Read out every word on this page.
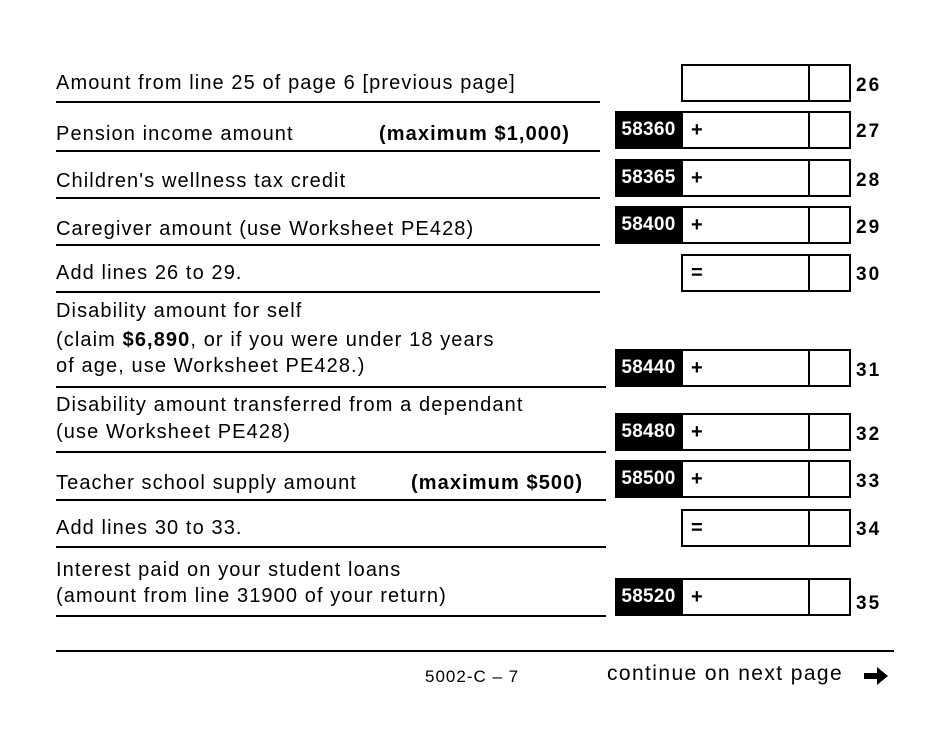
Amount from line 25 of page 6 [previous page]	26
Pension income amount	(maximum $1,000)	58360 +	27
Children's wellness tax credit	58365 +	28
Caregiver amount (use Worksheet PE428)	58400 +	29
Add lines 26 to 29.	=	30
Disability amount for self
(claim $6,890, or if you were under 18 years
of age, use Worksheet PE428.)	58440 +	31
Disability amount transferred from a dependant
(use Worksheet PE428)	58480 +	32
Teacher school supply amount	(maximum $500)	58500 +	33
Add lines 30 to 33.	=	34
Interest paid on your student loans
(amount from line 31900 of your return)	58520 +	35
5002-C – 7	continue on next page
